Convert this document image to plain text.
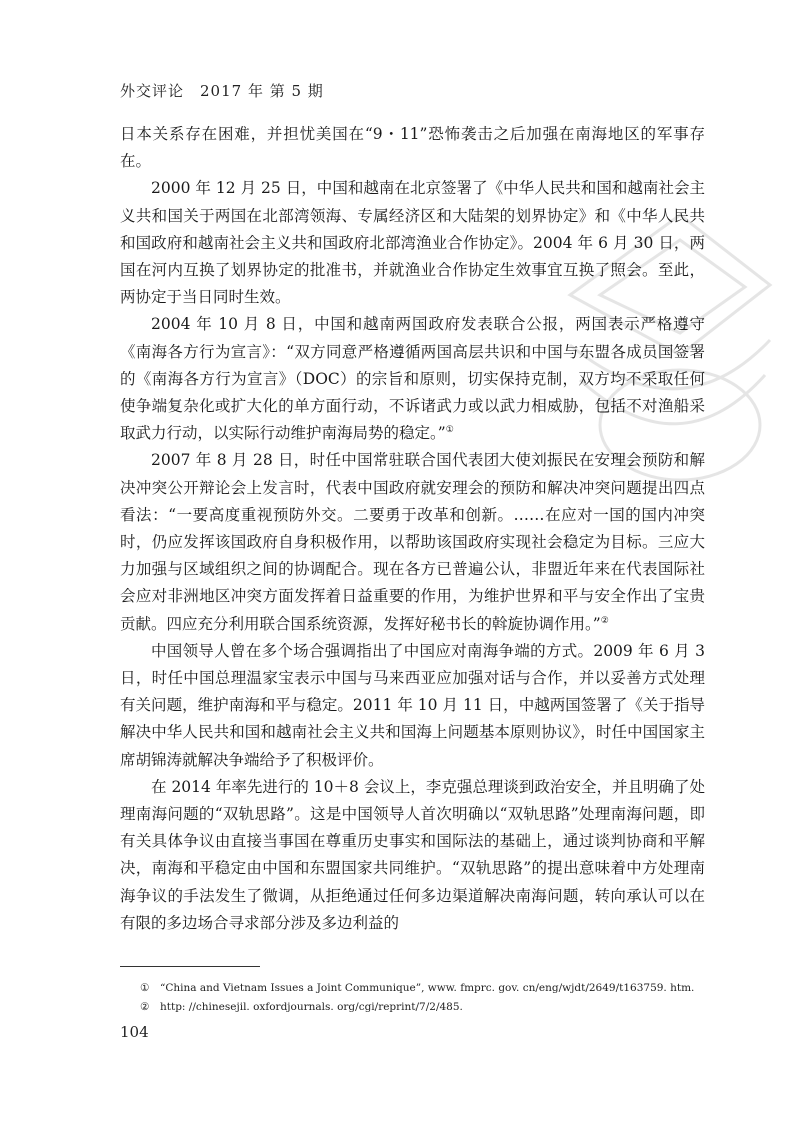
外交评论　2017 年 第 5 期

日本关系存在困难，并担忧美国在“9・11”恐怖袭击之后加强在南海地区的军事存在。

2000 年 12 月 25 日，中国和越南在北京签署了《中华人民共和国和越南社会主义共和国关于两国在北部湾领海、专属经济区和大陆架的划界协定》和《中华人民共和国政府和越南社会主义共和国政府北部湾渔业合作协定》。2004 年 6 月 30 日，两国在河内互换了划界协定的批准书，并就渔业合作协定生效事宜互换了照会。至此，两协定于当日同时生效。

2004 年 10 月 8 日，中国和越南两国政府发表联合公报，两国表示严格遵守《南海各方行为宣言》：“双方同意严格遵循两国高层共识和中国与东盟各成员国签署的《南海各方行为宣言》（DOC）的宗旨和原则，切实保持克制，双方均不采取任何使争端复杂化或扩大化的单方面行动，不诉诸武力或以武力相威胁，包括不对渔船采取武力行动，以实际行动维护南海局势的稳定。”①

2007 年 8 月 28 日，时任中国常驻联合国代表团大使刘振民在安理会预防和解决冲突公开辩论会上发言时，代表中国政府就安理会的预防和解决冲突问题提出四点看法：“一要高度重视预防外交。二要勇于改革和创新。……在应对一国的国内冲突时，仍应发挥该国政府自身积极作用，以帮助该国政府实现社会稳定为目标。三应大力加强与区域组织之间的协调配合。现在各方已普遍公认，非盟近年来在代表国际社会应对非洲地区冲突方面发挥着日益重要的作用，为维护世界和平与安全作出了宝贵贡献。四应充分利用联合国系统资源，发挥好秘书长的斡旋协调作用。”②

中国领导人曾在多个场合强调指出了中国应对南海争端的方式。2009 年 6 月 3 日，时任中国总理温家宝表示中国与马来西亚应加强对话与合作，并以妥善方式处理有关问题，维护南海和平与稳定。2011 年 10 月 11 日，中越两国签署了《关于指导解决中华人民共和国和越南社会主义共和国海上问题基本原则协议》，时任中国国家主席胡锦涛就解决争端给予了积极评价。

在 2014 年率先进行的 10＋8 会议上，李克强总理谈到政治安全，并且明确了处理南海问题的“双轨思路”。这是中国领导人首次明确以“双轨思路”处理南海问题，即有关具体争议由直接当事国在尊重历史事实和国际法的基础上，通过谈判协商和平解决，南海和平稳定由中国和东盟国家共同维护。“双轨思路”的提出意味着中方处理南海争议的手法发生了微调，从拒绝通过任何多边渠道解决南海问题，转向承认可以在有限的多边场合寻求部分涉及多边利益的

①	“China and Vietnam Issues a Joint Communique”, www. fmprc. gov. cn/eng/wjdt/2649/t163759. htm.
②	http: //chinesejil. oxfordjournals. org/cgi/reprint/7/2/485.
104
